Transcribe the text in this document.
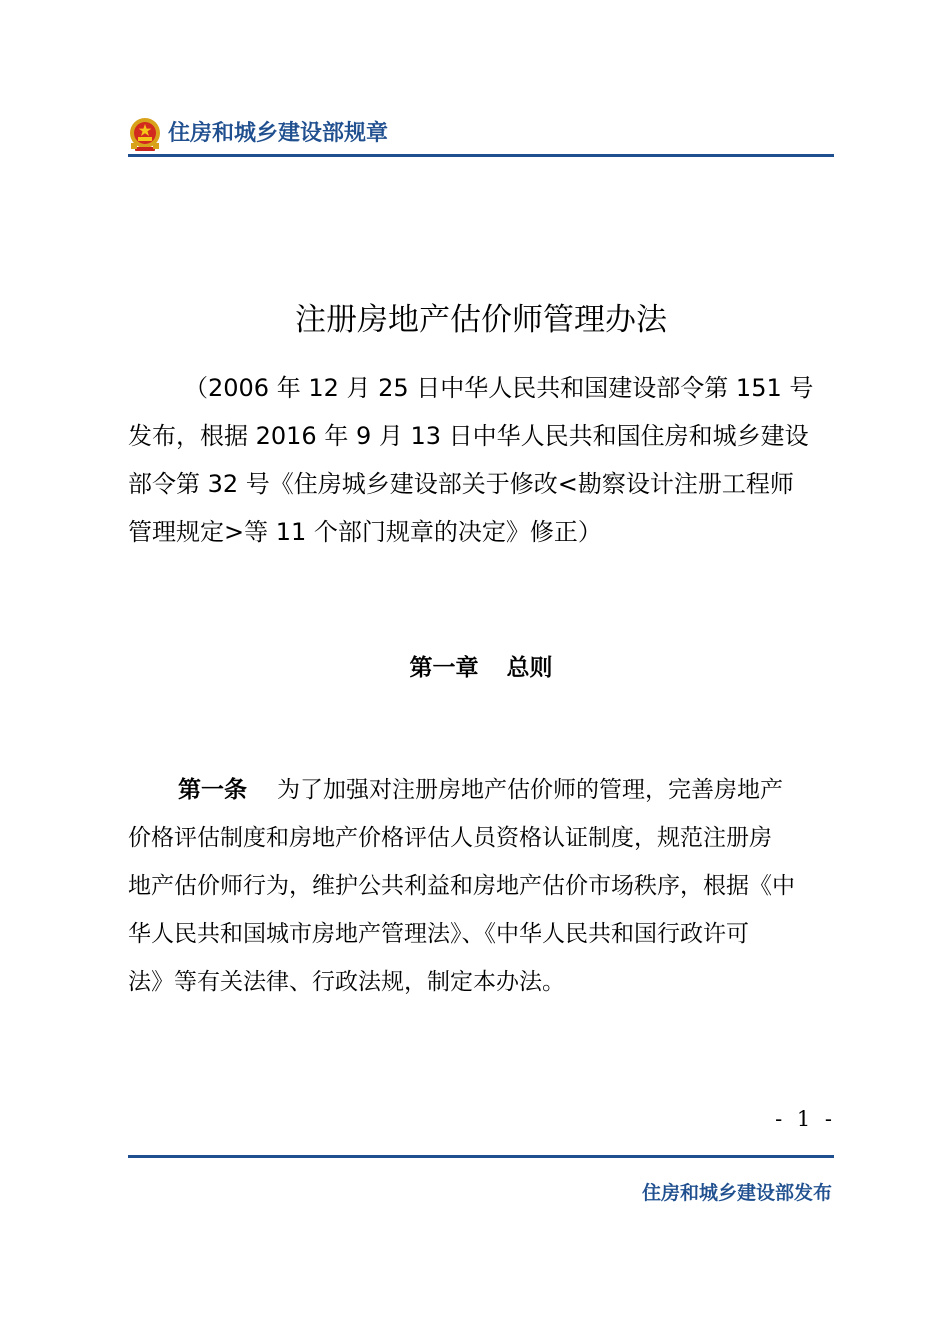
住房和城乡建设部规章
注册房地产估价师管理办法
（2006 年 12 月 25 日中华人民共和国建设部令第 151 号
发布，根据 2016 年 9 月 13 日中华人民共和国住房和城乡建设
部令第 32 号《住房城乡建设部关于修改<勘察设计注册工程师
管理规定>等 11 个部门规章的决定》修正）
第一章 总则
第一条 为了加强对注册房地产估价师的管理，完善房地产
价格评估制度和房地产价格评估人员资格认证制度，规范注册房
地产估价师行为，维护公共利益和房地产估价市场秩序，根据《中
华人民共和国城市房地产管理法》、《中华人民共和国行政许可
法》等有关法律、行政法规，制定本办法。
- 1 -
住房和城乡建设部发布
